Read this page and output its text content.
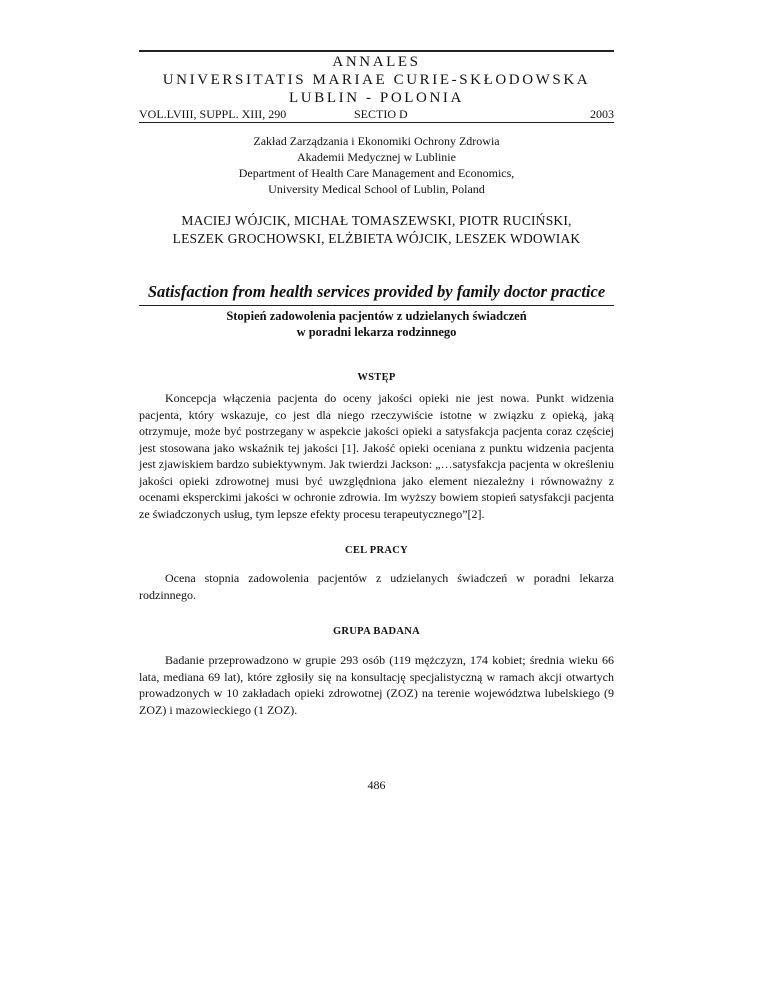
ANNALES
UNIVERSITATIS MARIAE CURIE-SKŁODOWSKA
LUBLIN - POLONIA
VOL.LVIII, SUPPL. XIII, 290	SECTIO D	2003
Zakład Zarządzania i Ekonomiki Ochrony Zdrowia
Akademii Medycznej w Lublinie
Department of Health Care Management and Economics,
University Medical School of Lublin, Poland
MACIEJ WÓJCIK, MICHAŁ TOMASZEWSKI, PIOTR RUCIŃSKI,
LESZEK GROCHOWSKI, ELŻBIETA WÓJCIK, LESZEK WDOWIAK
Satisfaction from health services provided by family doctor practice
Stopień zadowolenia pacjentów z udzielanych świadczeń
w poradni lekarza rodzinnego
WSTĘP

Koncepcja włączenia pacjenta do oceny jakości opieki nie jest nowa. Punkt widzenia pacjenta, który wskazuje, co jest dla niego rzeczywiście istotne w związku z opieką, jaką otrzymuje, może być postrzegany w aspekcie jakości opieki a satysfakcja pacjenta coraz częściej jest stosowana jako wskaźnik tej jakości [1]. Jakość opieki oceniana z punktu widzenia pacjenta jest zjawiskiem bardzo subiektywnym. Jak twierdzi Jackson: „…satysfakcja pacjenta w określeniu jakości opieki zdrowotnej musi być uwzględniona jako element niezależny i równoważny z ocenami eksperckimi jakości w ochronie zdrowia. Im wyższy bowiem stopień satysfakcji pacjenta ze świadczonych usług, tym lepsze efekty procesu terapeutycznego”[2].

CEL PRACY

Ocena stopnia zadowolenia pacjentów z udzielanych świadczeń w poradni lekarza rodzinnego.

GRUPA BADANA

Badanie przeprowadzono w grupie 293 osób (119 mężczyzn, 174 kobiet; średnia wieku 66 lata, mediana 69 lat), które zgłosiły się na konsultację specjalistyczną w ramach akcji otwartych prowadzonych w 10 zakładach opieki zdrowotnej (ZOZ) na terenie województwa lubelskiego (9 ZOZ) i mazowieckiego (1 ZOZ).

486
